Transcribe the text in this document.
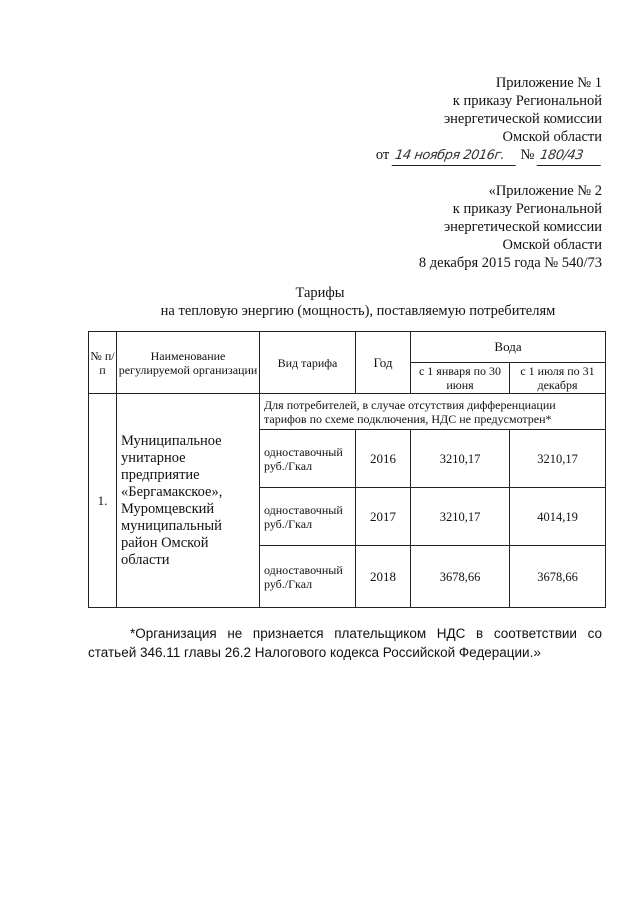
Приложение № 1
к приказу Региональной
энергетической комиссии
Омской области
от 14 ноября 2016г. № 180/43
«Приложение № 2
к приказу Региональной
энергетической комиссии
Омской области
8 декабря 2015 года № 540/73
Тарифы
на тепловую энергию (мощность), поставляемую потребителям
№ п/п	Наименование регулируемой организации	Вид тарифа	Год	Вода	
				с 1 января по 30 июня	с 1 июля по 31 декабря
1.	Муниципальное унитарное предприятие «Бергамакское», Муромцевский муниципальный район Омской области	Для потребителей, в случае отсутствия дифференциации тарифов по схеме подключения, НДС не предусмотрен*			
		одноставочный руб./Гкал	2016	3210,17	3210,17
		одноставочный руб./Гкал	2017	3210,17	4014,19
		одноставочный руб./Гкал	2018	3678,66	3678,66
*Организация не признается плательщиком НДС в соответствии со
статьей 346.11 главы 26.2 Налогового кодекса Российской Федерации.»
